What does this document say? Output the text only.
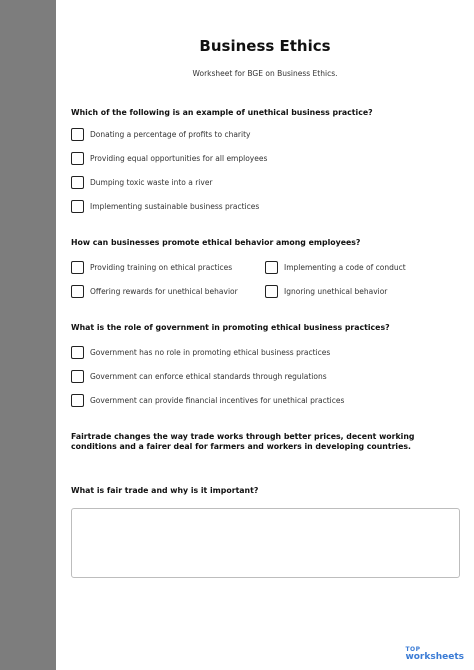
Business Ethics
Worksheet for BGE on Business Ethics.
Which of the following is an example of unethical business practice?
Donating a percentage of profits to charity
Providing equal opportunities for all employees
Dumping toxic waste into a river
Implementing sustainable business practices
How can businesses promote ethical behavior among employees?
Providing training on ethical practices	Implementing a code of conduct
Offering rewards for unethical behavior	Ignoring unethical behavior
What is the role of government in promoting ethical business practices?
Government has no role in promoting ethical business practices
Government can enforce ethical standards through regulations
Government can provide financial incentives for unethical practices
Fairtrade changes the way trade works through better prices, decent working conditions and a fairer deal for farmers and workers in developing countries.
What is fair trade and why is it important?
TOP
worksheets
